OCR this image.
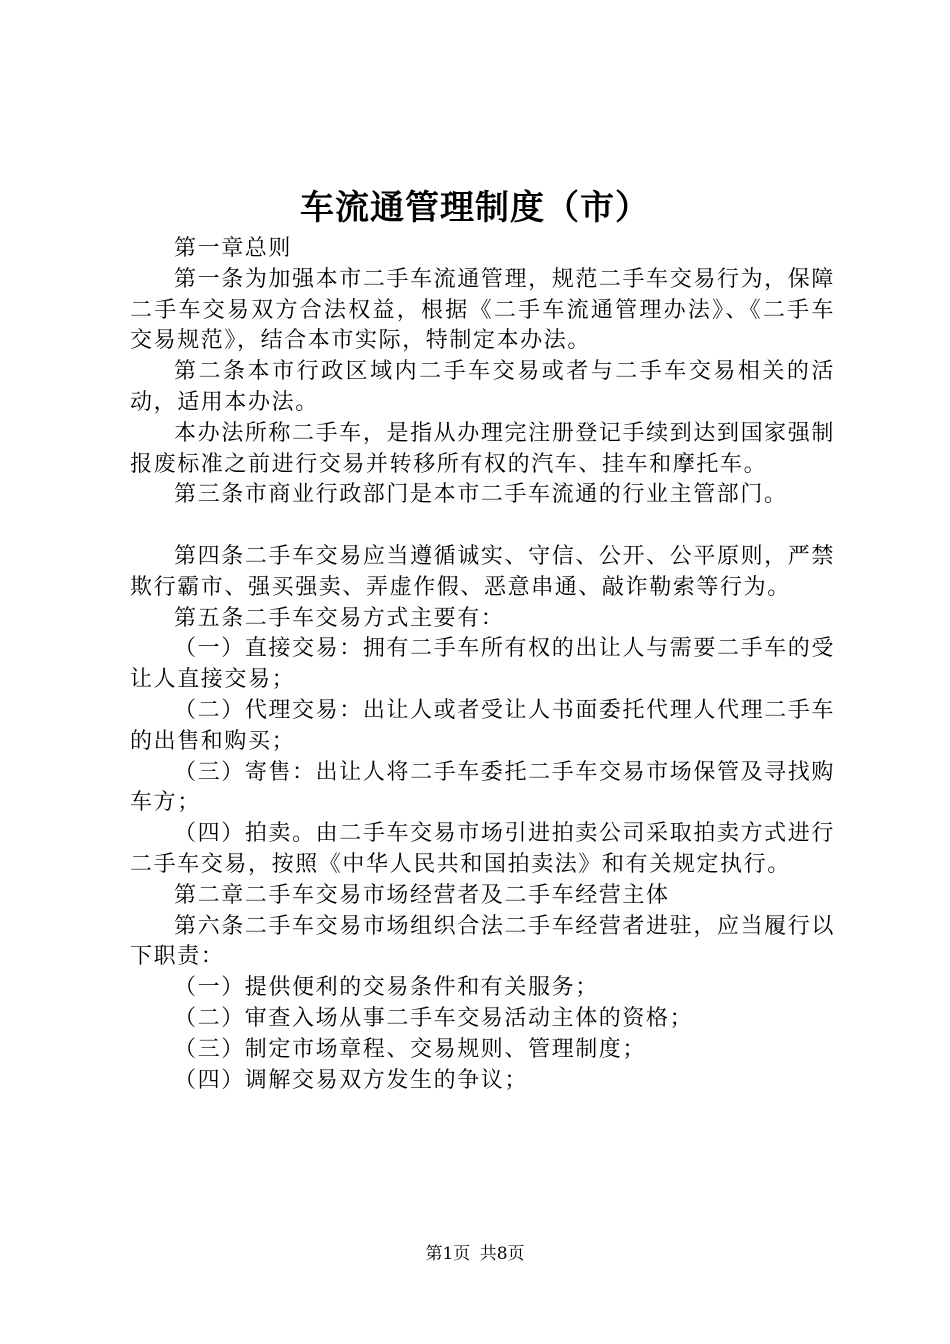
车流通管理制度（市）

第一章总则

第一条为加强本市二手车流通管理，规范二手车交易行为，保障二手车交易双方合法权益，根据《二手车流通管理办法》、《二手车交易规范》，结合本市实际，特制定本办法。

第二条本市行政区域内二手车交易或者与二手车交易相关的活动，适用本办法。

本办法所称二手车，是指从办理完注册登记手续到达到国家强制报废标准之前进行交易并转移所有权的汽车、挂车和摩托车。

第三条市商业行政部门是本市二手车流通的行业主管部门。

第四条二手车交易应当遵循诚实、守信、公开、公平原则，严禁欺行霸市、强买强卖、弄虚作假、恶意串通、敲诈勒索等行为。

第五条二手车交易方式主要有：

（一）直接交易：拥有二手车所有权的出让人与需要二手车的受让人直接交易；

（二）代理交易：出让人或者受让人书面委托代理人代理二手车的出售和购买；

（三）寄售：出让人将二手车委托二手车交易市场保管及寻找购车方；

（四）拍卖。由二手车交易市场引进拍卖公司采取拍卖方式进行二手车交易，按照《中华人民共和国拍卖法》和有关规定执行。

第二章二手车交易市场经营者及二手车经营主体

第六条二手车交易市场组织合法二手车经营者进驻，应当履行以下职责：

（一）提供便利的交易条件和有关服务；

（二）审查入场从事二手车交易活动主体的资格；

（三）制定市场章程、交易规则、管理制度；

（四）调解交易双方发生的争议；

第1页 共8页
